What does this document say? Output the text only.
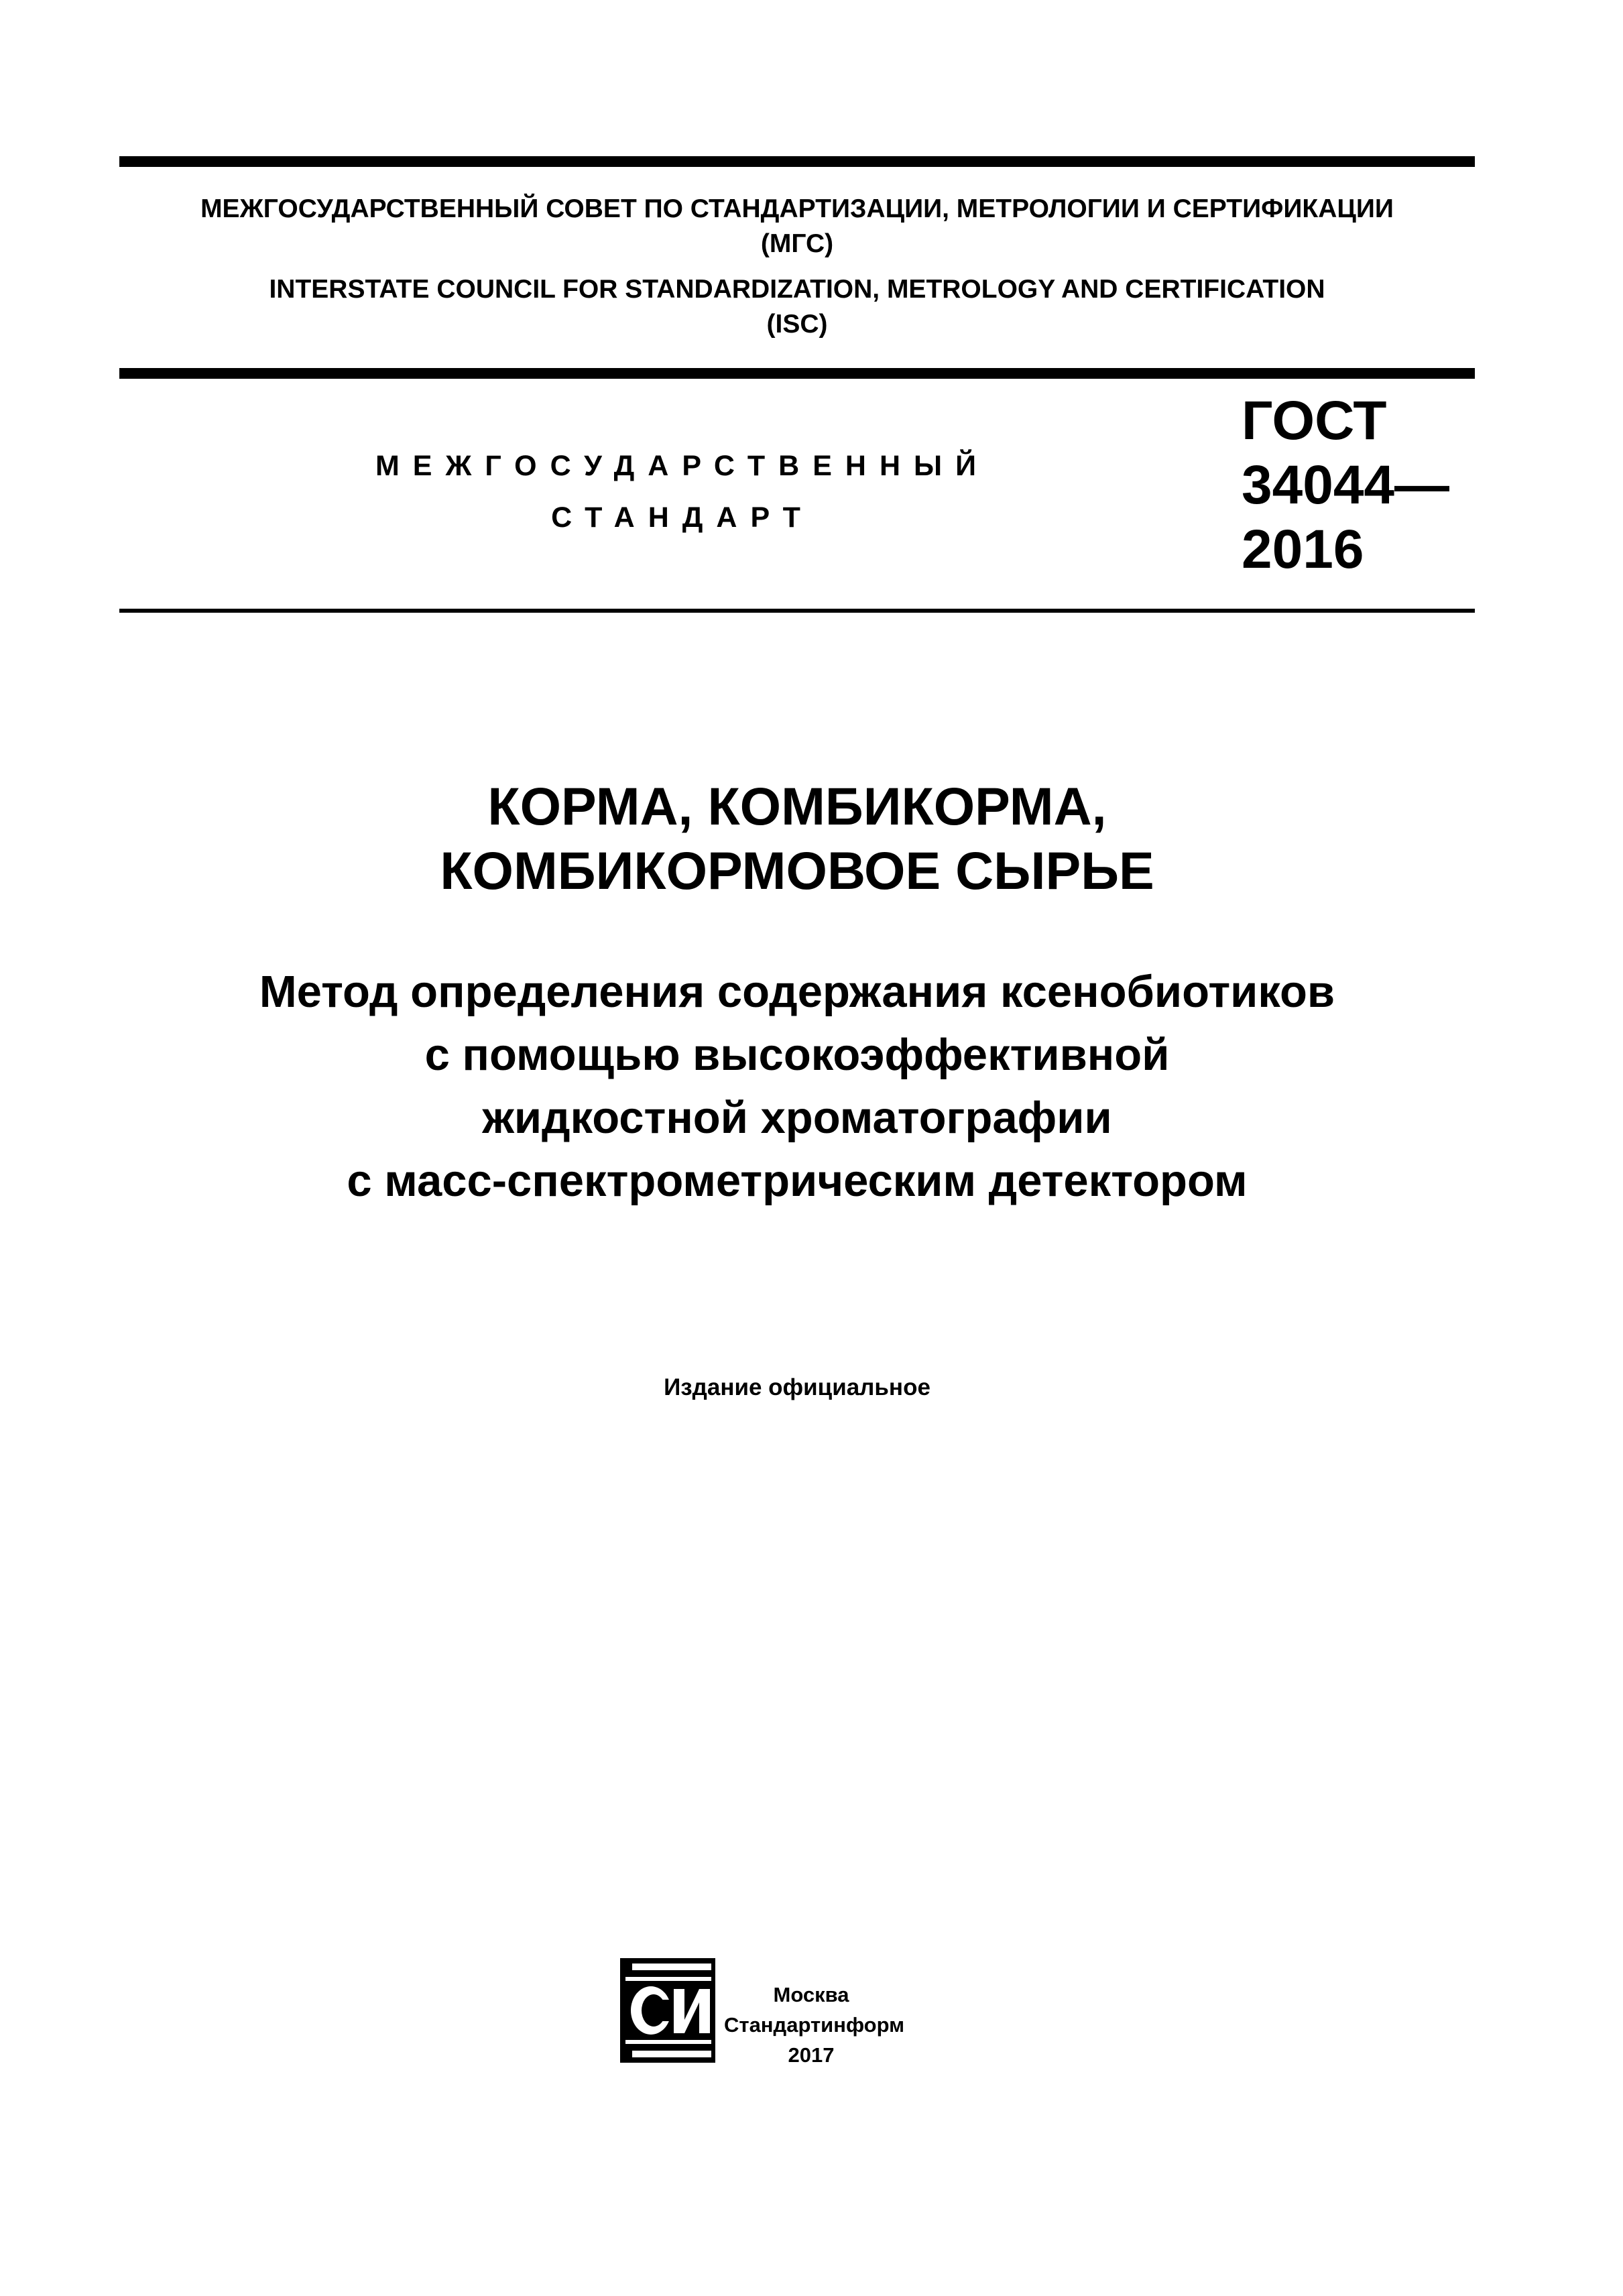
МЕЖГОСУДАРСТВЕННЫЙ СОВЕТ ПО СТАНДАРТИЗАЦИИ, МЕТРОЛОГИИ И СЕРТИФИКАЦИИ
(МГС)
INTERSTATE COUNCIL FOR STANDARDIZATION, METROLOGY AND CERTIFICATION
(ISC)
МЕЖГОСУДАРСТВЕННЫЙ
СТАНДАРТ
ГОСТ
34044—
2016
КОРМА, КОМБИКОРМА,
КОМБИКОРМОВОЕ СЫРЬЕ
Метод определения содержания ксенобиотиков
с помощью высокоэффективной
жидкостной хроматографии
с масс-спектрометрическим детектором
Издание официальное
Москва
Стандартинформ
2017
